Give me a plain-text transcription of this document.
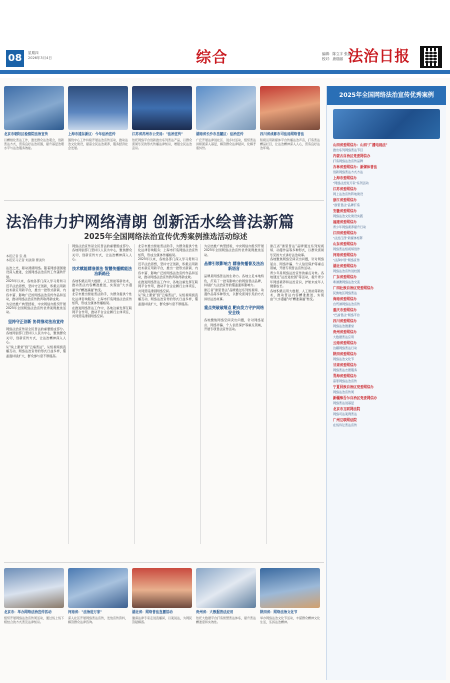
08	星期四
2026年3月4日	综合	编辑：陈立宇 张晶
校对：唐瑞丽 法治日报
北京市朝阳区检察院法治宣传
以精细化普法工作，激发群众法治观念，创新普法方式，营造良好法治氛围，提升基层治理水平与法治服务效能。
上海市浦东新区：今年法治宣传
围绕中心工作持续开展法治宣传活动，推动法治文化建设，提高全民法治素养，服务经济社会发展。
江苏省苏州市公安局："法治宣传"
依托网络平台创新推出系列普法产品，以群众喜闻乐见的形式传播法律知识，增强全民法治意识。
湖南省长沙市岳麓区：法治宣传
广泛开展法律进社区、进乡村活动，组织普法讲师团深入基层，解答群众法律疑问，化解矛盾纠纷。
四川省成都市司法局网络普法
积极运用新媒体平台传播法治声音，打造普法精品栏目，让法治精神深入人心，营造良好法治环境。
法治伟力护网络清朗 创新活水绘普法新篇
2025年全国网络法治宣传优秀案例推选活动综述

本报记者 张 晨

本报见习记者 刘美锦 曹美伶

法治之光，驱动清朗网络。随着网络强国建设深入推进，全国网络法治宣传工作蓬勃开展。

2025年以来，各地各部门深入学习贯彻习近平法治思想，坚持守正创新，积极运用新技术新应用新平台，推出一批形式新颖、内容丰富、影响广泛的网络法治宣传作品和活动，推动网络法治宣传教育取得新成效。

为总结推广典型经验，中央网信办组织开展2025年全国网络法治宣传优秀案例推选活动。

坚持守正创新 协同推动法治宣传

网络法治宣传是全民普法的重要组成部分。各地网信部门坚持以人民为中心，聚焦群众关切，创新宣传方式，让法治精神深入人心。

从"线上课堂"到"云端普法"，从短视频到直播互动，网络法治宣传的形式日益多样，覆盖面持续扩大，群众参与度不断提高。

网络法治宣传是全民普法的重要组成部分。各地网信部门坚持以人民为中心，聚焦群众关切，创新宣传方式，让法治精神深入人心。

技术赋能精准普法 智慧传播赋能法治新路径

各地积极运用大数据、人工智能等新技术，推动普法内容精准推送，实现由"大水漫灌"向"精准滴灌"转变。

北京市推出智能普法助手，为群众提供个性化法律咨询服务；上海市打造网络法治宣传矩阵，形成全媒体传播格局。

在推进网络普法工作中，各地注重发挥互联网平台作用，推动平台企业履行主体责任，共同营造清朗网络空间。

北京市推出智能普法助手，为群众提供个性化法律咨询服务；上海市打造网络法治宣传矩阵，形成全媒体传播格局。

2025年以来，各地各部门深入学习贯彻习近平法治思想，坚持守正创新，积极运用新技术新应用新平台，推出一批形式新颖、内容丰富、影响广泛的网络法治宣传作品和活动，推动网络法治宣传教育取得新成效。

在推进网络普法工作中，各地注重发挥互联网平台作用，推动平台企业履行主体责任，共同营造清朗网络空间。

从"线上课堂"到"云端普法"，从短视频到直播互动，网络法治宣传的形式日益多样，覆盖面持续扩大，群众参与度不断提高。

为总结推广典型经验，中央网信办组织开展2025年全国网络法治宣传优秀案例推选活动。

品牌引领影响力 精准传播普及法治新语言

品牌是网络普法的生命力。各地立足本地特色，打造了一批有影响力的网络普法品牌，持续扩大法治宣传的覆盖面和影响力。

浙江省"浙里普法"品牌通过系列短视频、动漫作品等多种形式，以群众喜闻乐见的方式讲好法治故事。

重点突破破堵点 靶向发力守护网络安全线

各地聚焦网络空间突出问题，针对网络谣言、网络诈骗、个人信息保护等重点领域，开展专项普法宣传活动。

浙江省"浙里普法"品牌通过系列短视频、动漫作品等多种形式，以群众喜闻乐见的方式讲好法治故事。

各地聚焦网络空间突出问题，针对网络谣言、网络诈骗、个人信息保护等重点领域，开展专项普法宣传活动。

青少年是网络法治宣传的重点对象。各地通过"法治进校园"等活动，提升青少年网络素养和法治意识，护航未成年人健康成长。

各地积极运用大数据、人工智能等新技术，推动普法内容精准推送，实现由"大水漫灌"向"精准滴灌"转变。

北京市：举办网络法治宣传活动
组织开展网络法治宣传周活动，通过线上线下相结合的方式普及法律知识。
河南省："法治进万家"
深入社区开展网络普法宣传，发放宣传资料，解答群众法律咨询。
湖北省：网络普法直播活动
邀请法律专家走进直播间，以案说法，为网民答疑解惑。
贵州省：大数据普法应用
依托大数据平台打造智慧普法体系，提升普法精准度和实效性。
陕西省：网络法治文化节
举办网络法治文化节活动，丰富群众精神文化生活，弘扬法治精神。
2025年全国网络法治宣传优秀案例
山西省委网信办：山西"广播电视法"
推出系列网络普法节目
内蒙古自治区党委网信办
打造网络法治宣传品牌
吉林省委网信办：新媒体普法
创新网络普法方式方法
上海市委网信办
"网络法治进万家"系列活动
江苏省委网信办
网上法治宣传阵地建设
浙江省委网信办
"浙里普法"品牌打造
安徽省委网信办
网络法治文化建设实践
福建省委网信办
青少年网络素养提升行动
江西省委网信办
"法治江西"新媒体矩阵
山东省委网信办
网络普法短视频创作
河南省委网信办
"法润中原"网络宣传
湖北省委网信办
网络法治宣传进校园
广东省委网信办
粤港澳网络法治交流
广西壮族自治区党委网信办
民族地区网络普法
海南省委网信办
自贸港网络法治宣传
重庆市委网信办
"巴渝普法"网络平台
四川省委网信办
网络法治微课堂
贵州省委网信办
大数据普法应用
云南省委网信办
边疆网络普法行动
陕西省委网信办
网络法治文化节
甘肃省委网信办
网络普法志愿服务
青海省委网信办
高原网络法治宣传
宁夏回族自治区党委网信办
网络法治宣传周
新疆维吾尔自治区党委网信办
网络普法进基层
北京市互联网法院
网络司法案例普法
广州互联网法院
在线诉讼普法宣传
